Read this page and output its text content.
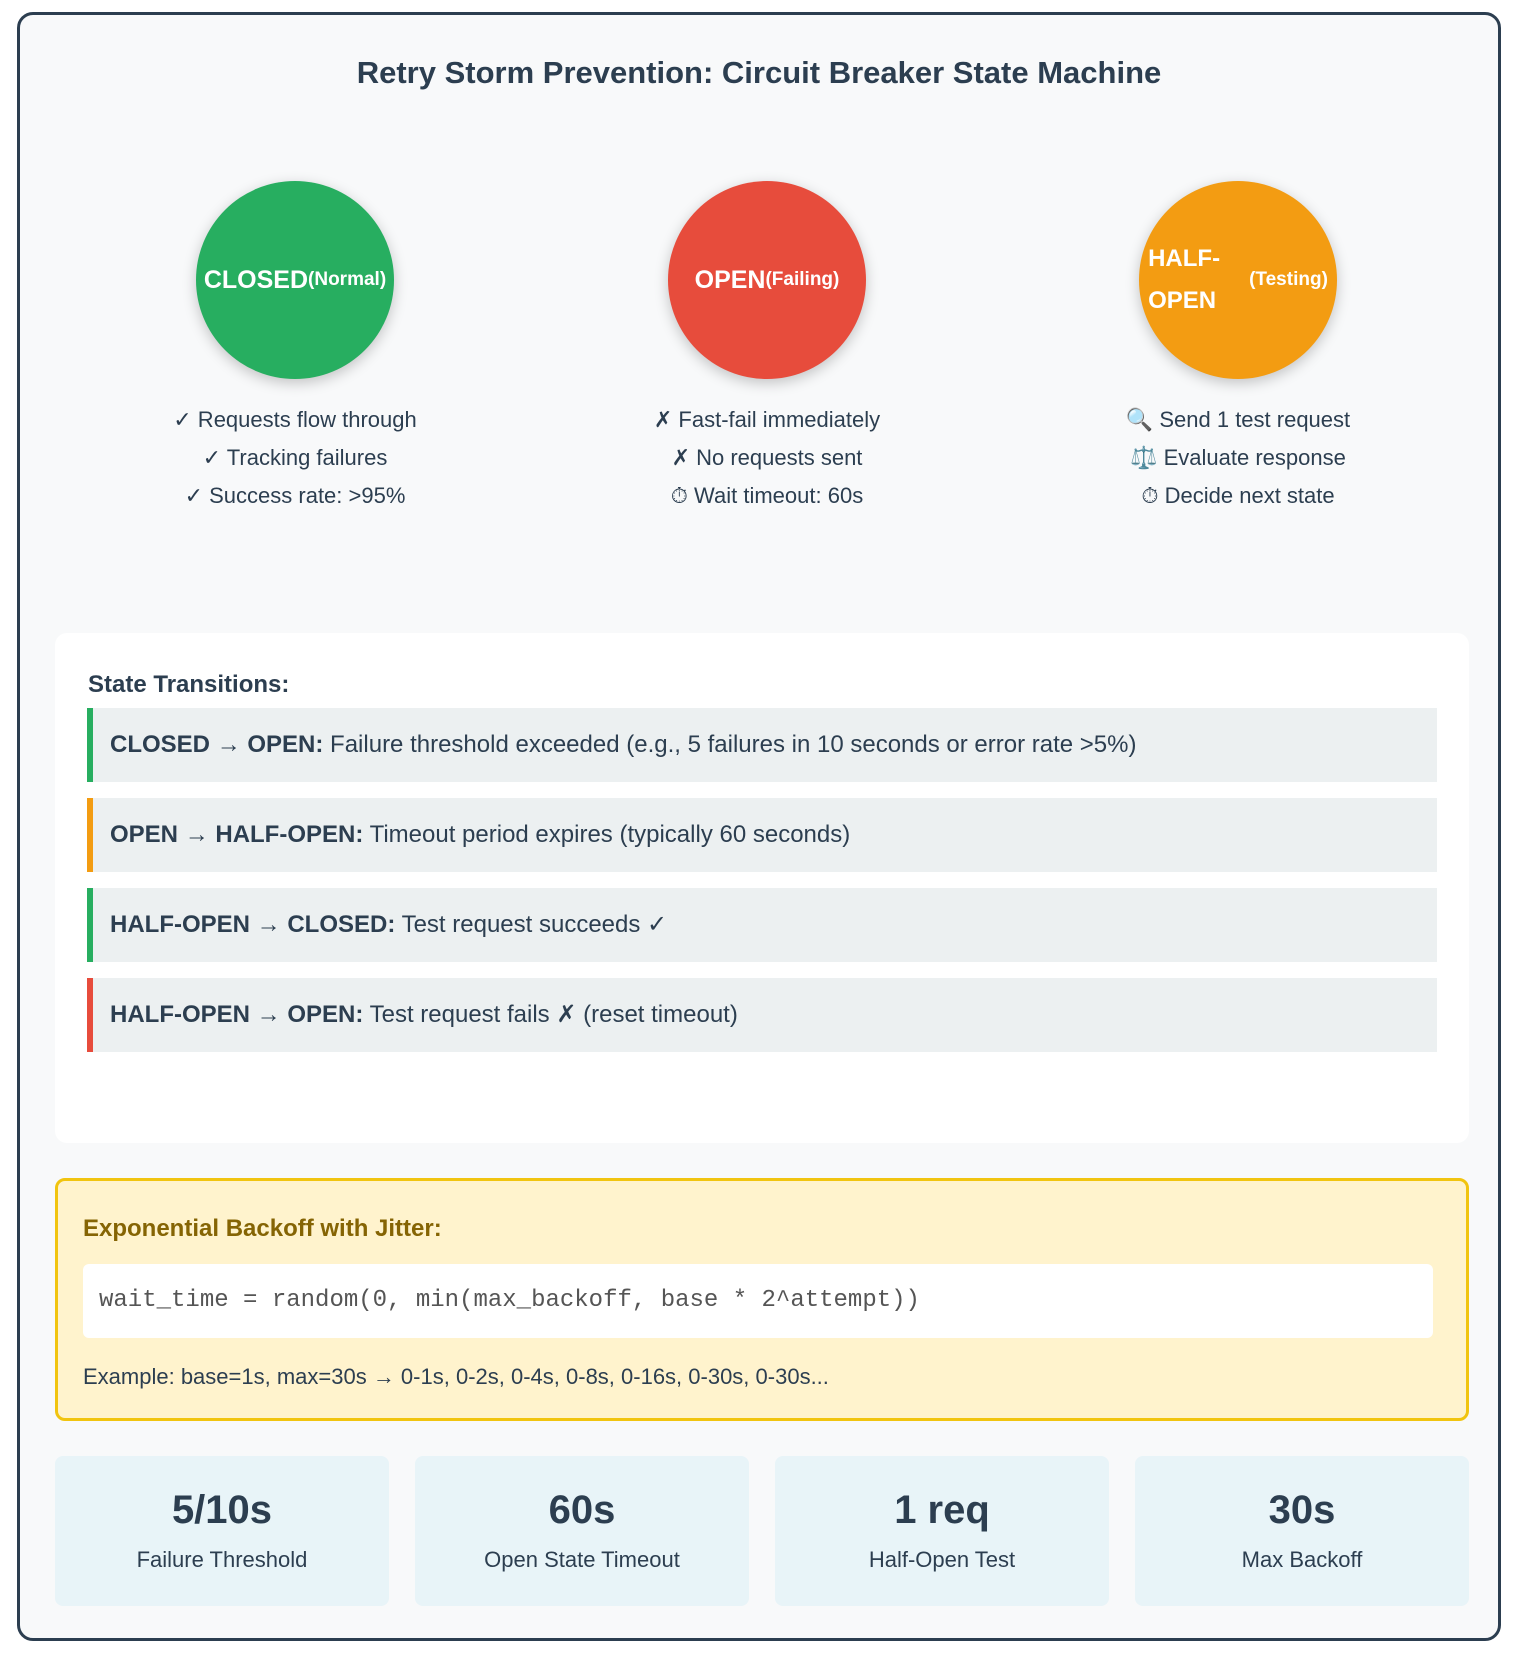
Retry Storm Prevention: Circuit Breaker State Machine
CLOSED (Normal)
✓ Requests flow through
✓ Tracking failures
✓ Success rate: >95%
OPEN (Failing)
✗ Fast-fail immediately
✗ No requests sent
⏱ Wait timeout: 60s
HALF-OPEN
(Testing)
🔍 Send 1 test request
⚖️ Evaluate response
⏱ Decide next state
State Transitions:
CLOSED → OPEN: Failure threshold exceeded (e.g., 5 failures in 10 seconds or error rate >5%)
OPEN → HALF-OPEN: Timeout period expires (typically 60 seconds)
HALF-OPEN → CLOSED: Test request succeeds ✓
HALF-OPEN → OPEN: Test request fails ✗ (reset timeout)
Exponential Backoff with Jitter:
wait_time = random(0, min(max_backoff, base * 2^attempt))
Example: base=1s, max=30s → 0-1s, 0-2s, 0-4s, 0-8s, 0-16s, 0-30s, 0-30s...
5/10s
Failure Threshold
60s
Open State Timeout
1 req
Half-Open Test
30s
Max Backoff
